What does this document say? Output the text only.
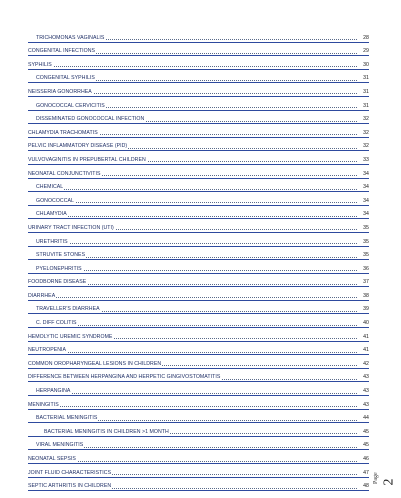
TRICHOMONAS VAGINALIS	28
CONGENITAL INFECTIONS	29
SYPHILIS	30
CONGENITAL SYPHILIS	31
NEISSERIA GONORRHEA	31
GONOCOCCAL CERVICITIS	31
DISSEMINATED GONOCOCCAL INFECTION	32
CHLAMYDIA TRACHOMATIS	32
PELVIC INFLAMMATORY DISEASE (PID)	32
VULVOVAGINITIS IN PREPUBERTAL CHILDREN	33
NEONATAL CONJUNCTIVITIS	34
CHEMICAL	34
GONOCOCCAL	34
CHLAMYDIA	34
URINARY TRACT INFECTION (UTI)	35
URETHRITIS	35
STRUVITE STONES	35
PYELONEPHRITIS	36
FOODBORNE DISEASE	37
DIARRHEA	38
TRAVELLER'S DIARRHEA	39
C. DIFF COLITIS	40
HEMOLYTIC UREMIC SYNDROME	41
NEUTROPENIA	41
COMMON OROPHARYNGEAL LESIONS IN CHILDREN	42
DIFFERENCE BETWEEN HERPANGINA AND HERPETIC GINGIVOSTOMATITIS	43
HERPANGINA	43
MENINGITIS	43
BACTERIAL MENINGITIS	44
BACTERIAL MENINGITIS IN CHILDREN >1 MONTH	45
VIRAL MENINGITIS	45
NEONATAL SEPSIS	46
JOINT FLUID CHARACTERISTICS	47
SEPTIC ARTHRITIS IN CHILDREN	48
Page 2
